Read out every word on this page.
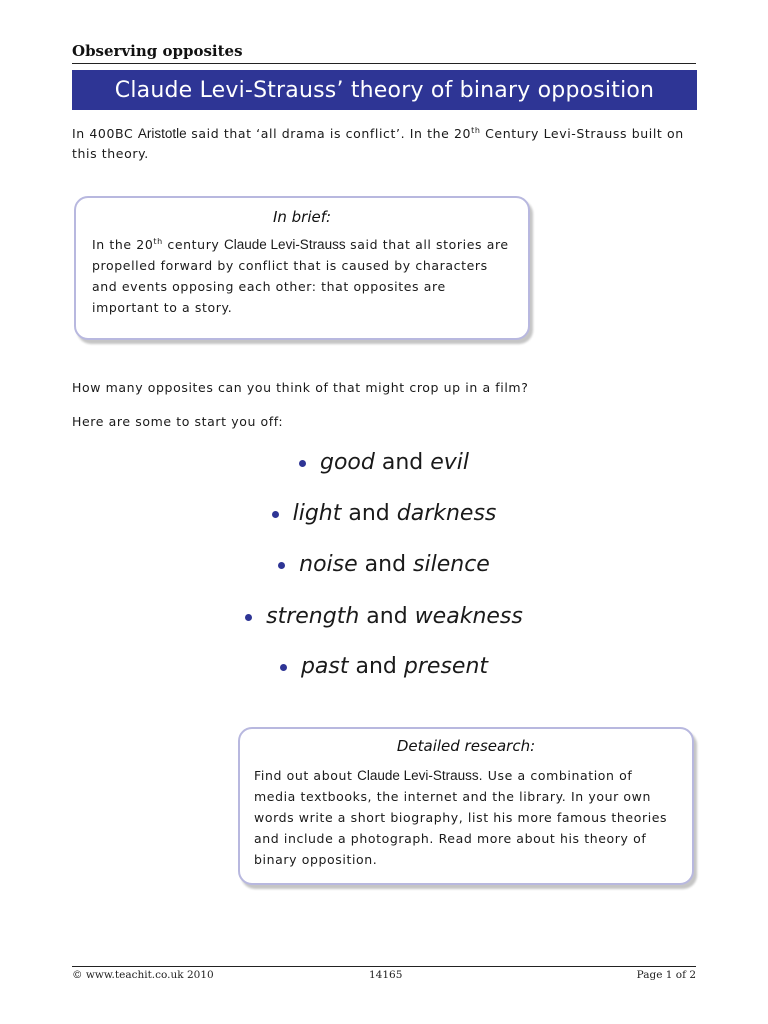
Observing opposites
Claude Levi-Strauss’ theory of binary opposition
In 400BC Aristotle said that ‘all drama is conflict’. In the 20th Century Levi-Strauss built on this theory.
In brief:
In the 20th century Claude Levi-Strauss said that all stories are propelled forward by conflict that is caused by characters and events opposing each other: that opposites are important to a story.
How many opposites can you think of that might crop up in a film?
Here are some to start you off:
good and evil
light and darkness
noise and silence
strength and weakness
past and present
Detailed research:
Find out about Claude Levi-Strauss. Use a combination of media textbooks, the internet and the library. In your own words write a short biography, list his more famous theories and include a photograph. Read more about his theory of binary opposition.
© www.teachit.co.uk 2010	14165	Page 1 of 2
